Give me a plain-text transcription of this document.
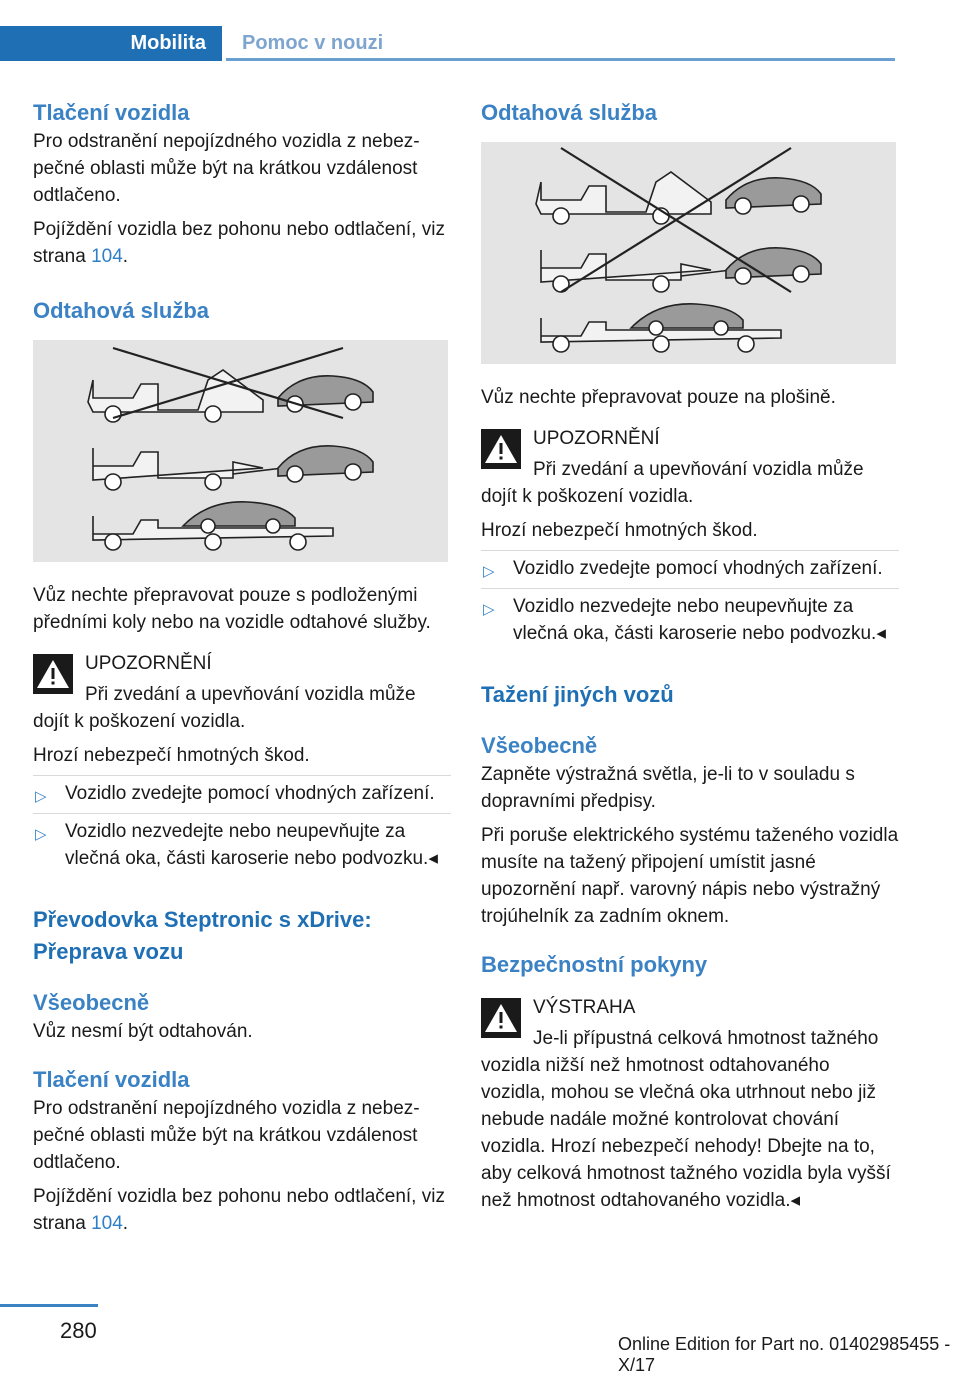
Mobilita	Pomoc v nouzi
Tlačení vozidla

Pro odstranění nepojízdného vozidla z nebezpečné oblasti může být na krátkou vzdálenost odtlačeno.

Pojíždění vozidla bez pohonu nebo odtlačení, viz strana 104.

Odtahová služba

Vůz nechte přepravovat pouze s podloženými předními koly nebo na vozidle odtahové služby.

UPOZORNĚNÍ
Při zvedání a upevňování vozidla může
dojít k poškození vozidla.

Hrozí nebezpečí hmotných škod.

▷ Vozidlo zvedejte pomocí vhodných zařízení.
▷ Vozidlo nezvedejte nebo neupevňujte za vlečná oka, části karoserie nebo podvozku.◂
Převodovka Steptronic s xDrive: Přeprava vozu
Všeobecně

Vůz nesmí být odtahován.

Tlačení vozidla

Pro odstranění nepojízdného vozidla z nebezpečné oblasti může být na krátkou vzdálenost odtlačeno.

Pojíždění vozidla bez pohonu nebo odtlačení, viz strana 104.

Odtahová služba

Vůz nechte přepravovat pouze na plošině.

UPOZORNĚNÍ
Při zvedání a upevňování vozidla může
dojít k poškození vozidla.

Hrozí nebezpečí hmotných škod.

▷ Vozidlo zvedejte pomocí vhodných zařízení.
▷ Vozidlo nezvedejte nebo neupevňujte za vlečná oka, části karoserie nebo podvozku.◂
Tažení jiných vozů
Všeobecně

Zapněte výstražná světla, je-li to v souladu s dopravními předpisy.

Při poruše elektrického systému taženého vozidla musíte na tažený připojení umístit jasné upozornění např. varovný nápis nebo výstražný trojúhelník za zadním oknem.

Bezpečnostní pokyny
VÝSTRAHA
Je-li přípustná celková hmotnost tažného
vozidla nižší než hmotnost odtahovaného vozidla, mohou se vlečná oka utrhnout nebo již nebude nadále možné kontrolovat chování vozidla. Hrozí nebezpečí nehody! Dbejte na to, aby celková hmotnost tažného vozidla byla vyšší než hmotnost odtahovaného vozidla.◂
280
Online Edition for Part no. 01402985455 - X/17
